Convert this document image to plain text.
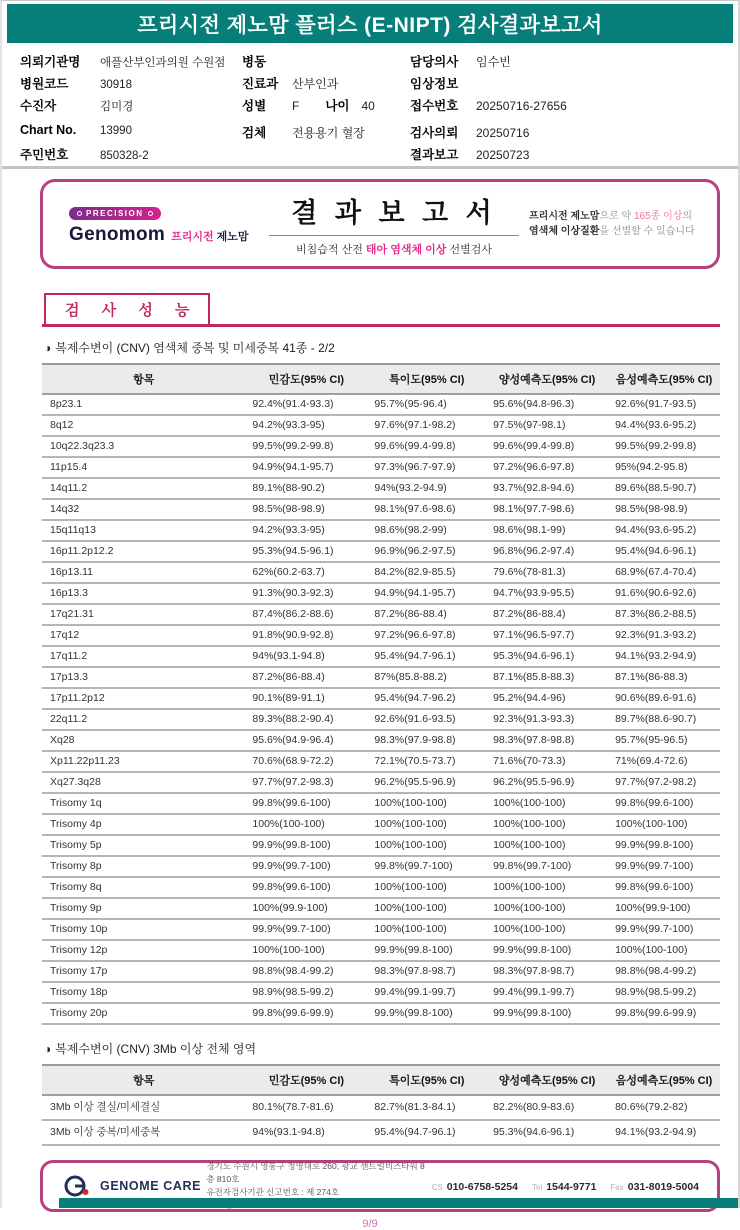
프리시전 제노맘 플러스 (E-NIPT) 검사결과보고서
의뢰기관명	애플산부인과의원 수원점
병원코드	30918
수진자	김미경
Chart No.	13990
주민번호	850328-2
병동
진료과	산부인과
성별	F 나이 40
검체	전용용기 혈장
담당의사	임수빈
임상정보
접수번호	20250716-27656
검사의뢰	20250716
결과보고	20250723
PRECISION
Genomom 프리시전 제노맘
결 과 보 고 서
비침습적 산전 태아 염색체 이상 선별검사
프리시전 제노맘으로 약 165종 이상의
염색체 이상질환을 선별할 수 있습니다
검 사 성 능
◑ 복제수변이 (CNV) 염색체 중복 및 미세중복 41종 - 2/2
항목	민감도(95% CI)	특이도(95% CI)	양성예측도(95% CI)	음성예측도(95% CI)
8p23.1	92.4%(91.4-93.3)	95.7%(95-96.4)	95.6%(94.8-96.3)	92.6%(91.7-93.5)
8q12	94.2%(93.3-95)	97.6%(97.1-98.2)	97.5%(97-98.1)	94.4%(93.6-95.2)
10q22.3q23.3	99.5%(99.2-99.8)	99.6%(99.4-99.8)	99.6%(99.4-99.8)	99.5%(99.2-99.8)
11p15.4	94.9%(94.1-95.7)	97.3%(96.7-97.9)	97.2%(96.6-97.8)	95%(94.2-95.8)
14q11.2	89.1%(88-90.2)	94%(93.2-94.9)	93.7%(92.8-94.6)	89.6%(88.5-90.7)
14q32	98.5%(98-98.9)	98.1%(97.6-98.6)	98.1%(97.7-98.6)	98.5%(98-98.9)
15q11q13	94.2%(93.3-95)	98.6%(98.2-99)	98.6%(98.1-99)	94.4%(93.6-95.2)
16p11.2p12.2	95.3%(94.5-96.1)	96.9%(96.2-97.5)	96.8%(96.2-97.4)	95.4%(94.6-96.1)
16p13.11	62%(60.2-63.7)	84.2%(82.9-85.5)	79.6%(78-81.3)	68.9%(67.4-70.4)
16p13.3	91.3%(90.3-92.3)	94.9%(94.1-95.7)	94.7%(93.9-95.5)	91.6%(90.6-92.6)
17q21.31	87.4%(86.2-88.6)	87.2%(86-88.4)	87.2%(86-88.4)	87.3%(86.2-88.5)
17q12	91.8%(90.9-92.8)	97.2%(96.6-97.8)	97.1%(96.5-97.7)	92.3%(91.3-93.2)
17q11.2	94%(93.1-94.8)	95.4%(94.7-96.1)	95.3%(94.6-96.1)	94.1%(93.2-94.9)
17p13.3	87.2%(86-88.4)	87%(85.8-88.2)	87.1%(85.8-88.3)	87.1%(86-88.3)
17p11.2p12	90.1%(89-91.1)	95.4%(94.7-96.2)	95.2%(94.4-96)	90.6%(89.6-91.6)
22q11.2	89.3%(88.2-90.4)	92.6%(91.6-93.5)	92.3%(91.3-93.3)	89.7%(88.6-90.7)
Xq28	95.6%(94.9-96.4)	98.3%(97.9-98.8)	98.3%(97.8-98.8)	95.7%(95-96.5)
Xp11.22p11.23	70.6%(68.9-72.2)	72.1%(70.5-73.7)	71.6%(70-73.3)	71%(69.4-72.6)
Xq27.3q28	97.7%(97.2-98.3)	96.2%(95.5-96.9)	96.2%(95.5-96.9)	97.7%(97.2-98.2)
Trisomy 1q	99.8%(99.6-100)	100%(100-100)	100%(100-100)	99.8%(99.6-100)
Trisomy 4p	100%(100-100)	100%(100-100)	100%(100-100)	100%(100-100)
Trisomy 5p	99.9%(99.8-100)	100%(100-100)	100%(100-100)	99.9%(99.8-100)
Trisomy 8p	99.9%(99.7-100)	99.8%(99.7-100)	99.8%(99.7-100)	99.9%(99.7-100)
Trisomy 8q	99.8%(99.6-100)	100%(100-100)	100%(100-100)	99.8%(99.6-100)
Trisomy 9p	100%(99.9-100)	100%(100-100)	100%(100-100)	100%(99.9-100)
Trisomy 10p	99.9%(99.7-100)	100%(100-100)	100%(100-100)	99.9%(99.7-100)
Trisomy 12p	100%(100-100)	99.9%(99.8-100)	99.9%(99.8-100)	100%(100-100)
Trisomy 17p	98.8%(98.4-99.2)	98.3%(97.8-98.7)	98.3%(97.8-98.7)	98.8%(98.4-99.2)
Trisomy 18p	98.9%(98.5-99.2)	99.4%(99.1-99.7)	99.4%(99.1-99.7)	98.9%(98.5-99.2)
Trisomy 20p	99.8%(99.6-99.9)	99.9%(99.8-100)	99.9%(99.8-100)	99.8%(99.6-99.9)
◑ 복제수변이 (CNV) 3Mb 이상 전체 영역
항목	민감도(95% CI)	특이도(95% CI)	양성예측도(95% CI)	음성예측도(95% CI)
3Mb 이상 결실/미세결실	80.1%(78.7-81.6)	82.7%(81.3-84.1)	82.2%(80.9-83.6)	80.6%(79.2-82)
3Mb 이상 중복/미세중복	94%(93.1-94.8)	95.4%(94.7-96.1)	95.3%(94.6-96.1)	94.1%(93.2-94.9)
GENOME CARE
경기도 수원시 영통구 청명대로 260, 광교 센트럴비즈타워 8층 810호
유전자검사기관 신고번호 : 제 274호	CS 010-6758-5254 Tel 1544-9771 Fax 031-8019-5004
9/9
